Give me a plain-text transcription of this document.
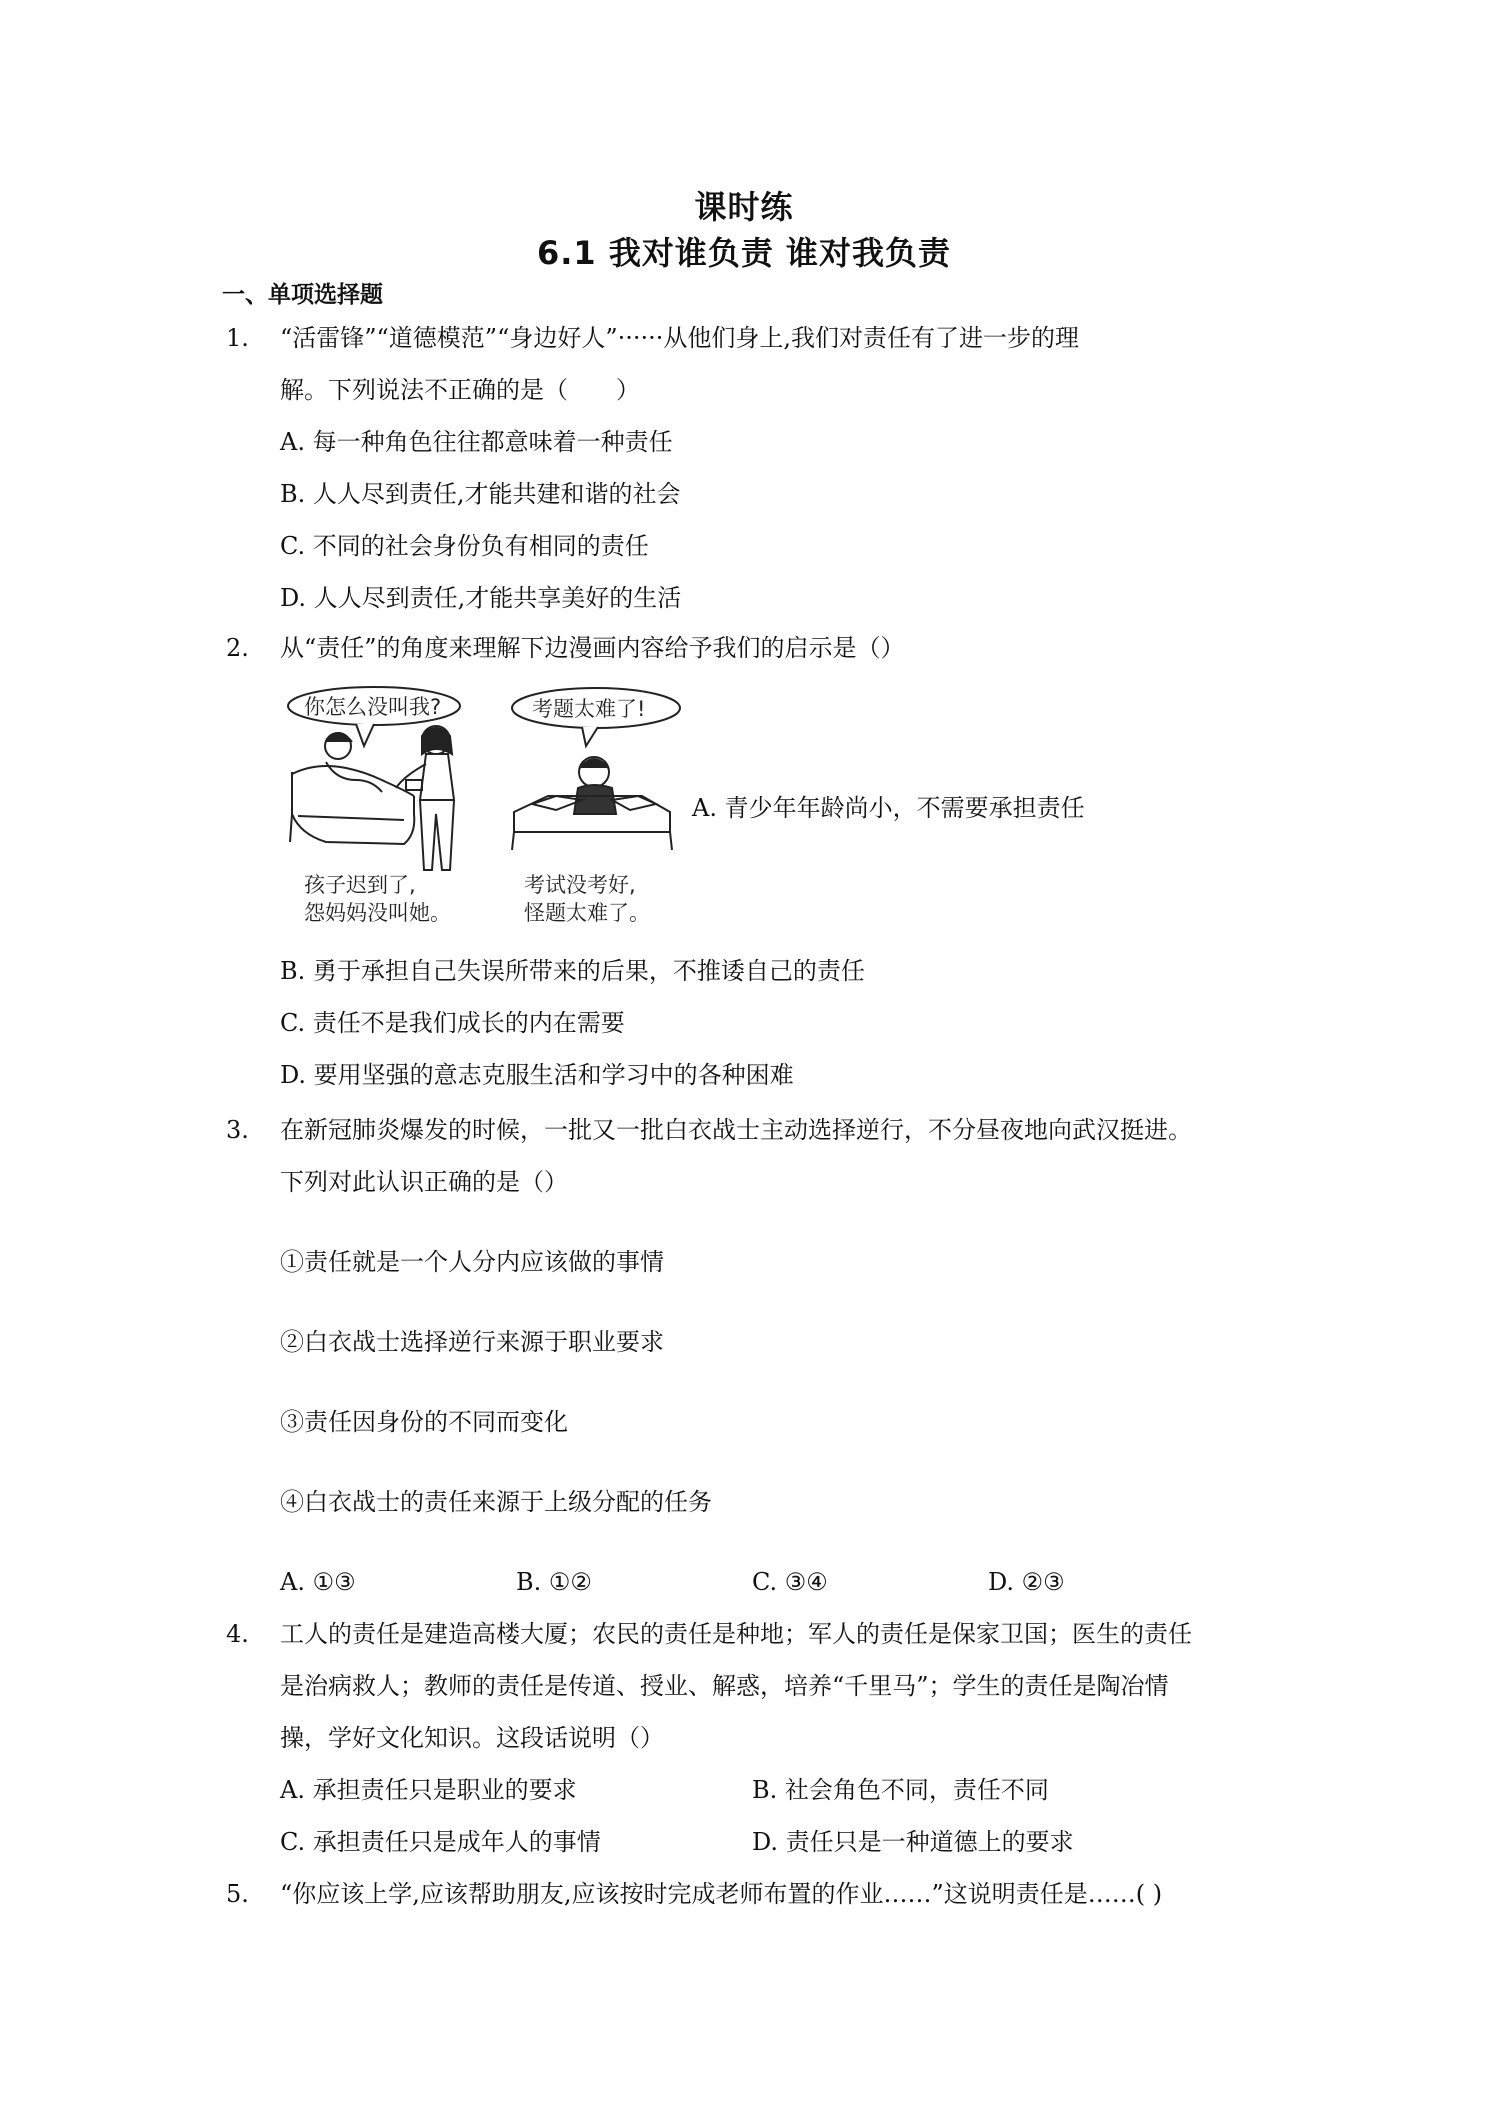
课时练
6.1 我对谁负责 谁对我负责
一、单项选择题
1. “活雷锋”“道德模范”“身边好人”······从他们身上,我们对责任有了进一步的理
解。下列说法不正确的是（　　）
A. 每一种角色往往都意味着一种责任
B. 人人尽到责任,才能共建和谐的社会
C. 不同的社会身份负有相同的责任
D. 人人尽到责任,才能共享美好的生活
2. 从“责任”的角度来理解下边漫画内容给予我们的启示是（）
你怎么没叫我?	考题太难了!
孩子迟到了,
怨妈妈没叫她。
考试没考好,
怪题太难了。
A. 青少年年龄尚小，不需要承担责任
B. 勇于承担自己失误所带来的后果，不推诿自己的责任
C. 责任不是我们成长的内在需要
D. 要用坚强的意志克服生活和学习中的各种困难
3. 在新冠肺炎爆发的时候，一批又一批白衣战士主动选择逆行，不分昼夜地向武汉挺进。
下列对此认识正确的是（）
①责任就是一个人分内应该做的事情
②白衣战士选择逆行来源于职业要求
③责任因身份的不同而变化
④白衣战士的责任来源于上级分配的任务
A. ①③	B. ①②	C. ③④	D. ②③
4. 工人的责任是建造高楼大厦；农民的责任是种地；军人的责任是保家卫国；医生的责任
是治病救人；教师的责任是传道、授业、解惑，培养“千里马”；学生的责任是陶冶情
操，学好文化知识。这段话说明（）
A. 承担责任只是职业的要求	B. 社会角色不同，责任不同
C. 承担责任只是成年人的事情	D. 责任只是一种道德上的要求
5. “你应该上学,应该帮助朋友,应该按时完成老师布置的作业……”这说明责任是……( )
